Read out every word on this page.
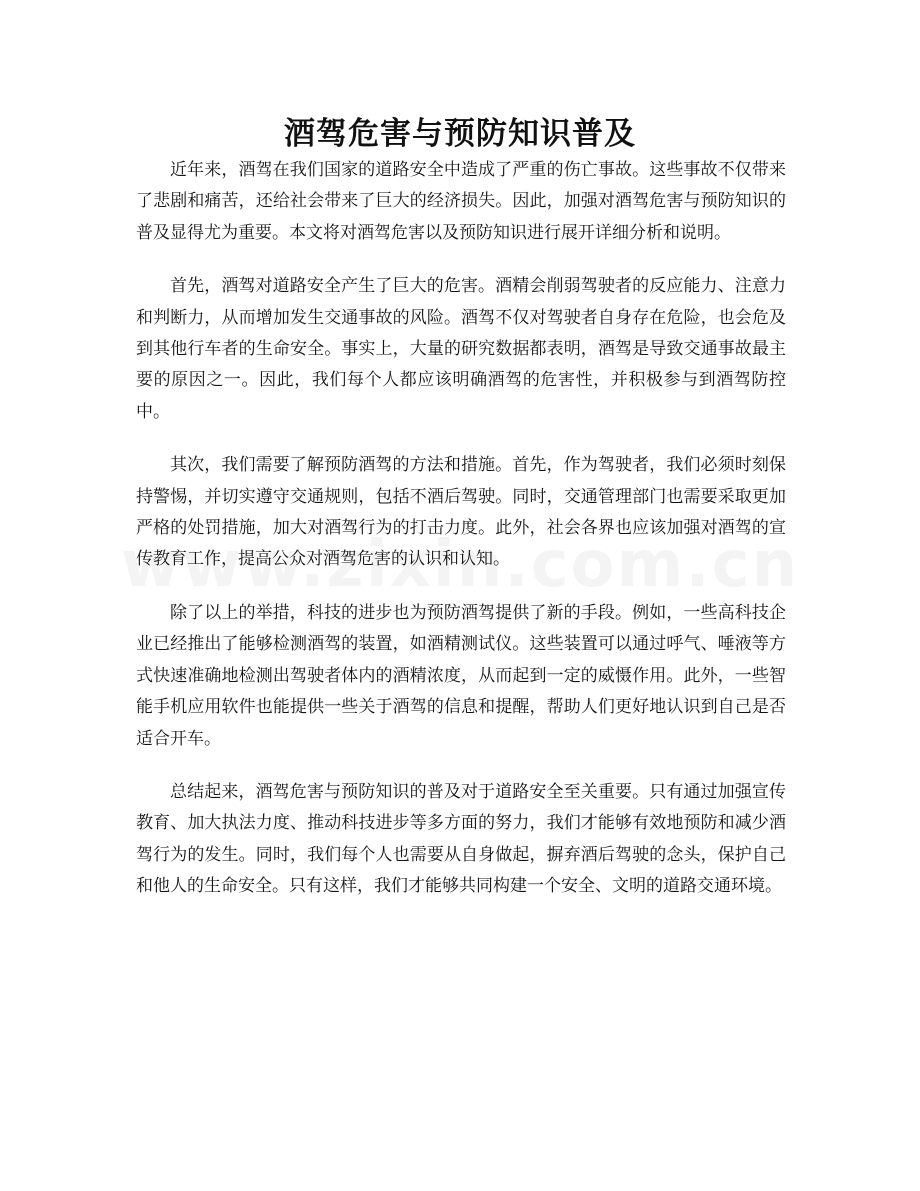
酒驾危害与预防知识普及

近年来，酒驾在我们国家的道路安全中造成了严重的伤亡事故。这些事故不仅带来了悲剧和痛苦，还给社会带来了巨大的经济损失。因此，加强对酒驾危害与预防知识的普及显得尤为重要。本文将对酒驾危害以及预防知识进行展开详细分析和说明。

首先，酒驾对道路安全产生了巨大的危害。酒精会削弱驾驶者的反应能力、注意力和判断力，从而增加发生交通事故的风险。酒驾不仅对驾驶者自身存在危险，也会危及到其他行车者的生命安全。事实上，大量的研究数据都表明，酒驾是导致交通事故最主要的原因之一。因此，我们每个人都应该明确酒驾的危害性，并积极参与到酒驾防控中。

其次，我们需要了解预防酒驾的方法和措施。首先，作为驾驶者，我们必须时刻保持警惕，并切实遵守交通规则，包括不酒后驾驶。同时，交通管理部门也需要采取更加严格的处罚措施，加大对酒驾行为的打击力度。此外，社会各界也应该加强对酒驾的宣传教育工作，提高公众对酒驾危害的认识和认知。

除了以上的举措，科技的进步也为预防酒驾提供了新的手段。例如，一些高科技企业已经推出了能够检测酒驾的装置，如酒精测试仪。这些装置可以通过呼气、唾液等方式快速准确地检测出驾驶者体内的酒精浓度，从而起到一定的威慑作用。此外，一些智能手机应用软件也能提供一些关于酒驾的信息和提醒，帮助人们更好地认识到自己是否适合开车。

总结起来，酒驾危害与预防知识的普及对于道路安全至关重要。只有通过加强宣传教育、加大执法力度、推动科技进步等多方面的努力，我们才能够有效地预防和减少酒驾行为的发生。同时，我们每个人也需要从自身做起，摒弃酒后驾驶的念头，保护自己和他人的生命安全。只有这样，我们才能够共同构建一个安全、文明的道路交通环境。
